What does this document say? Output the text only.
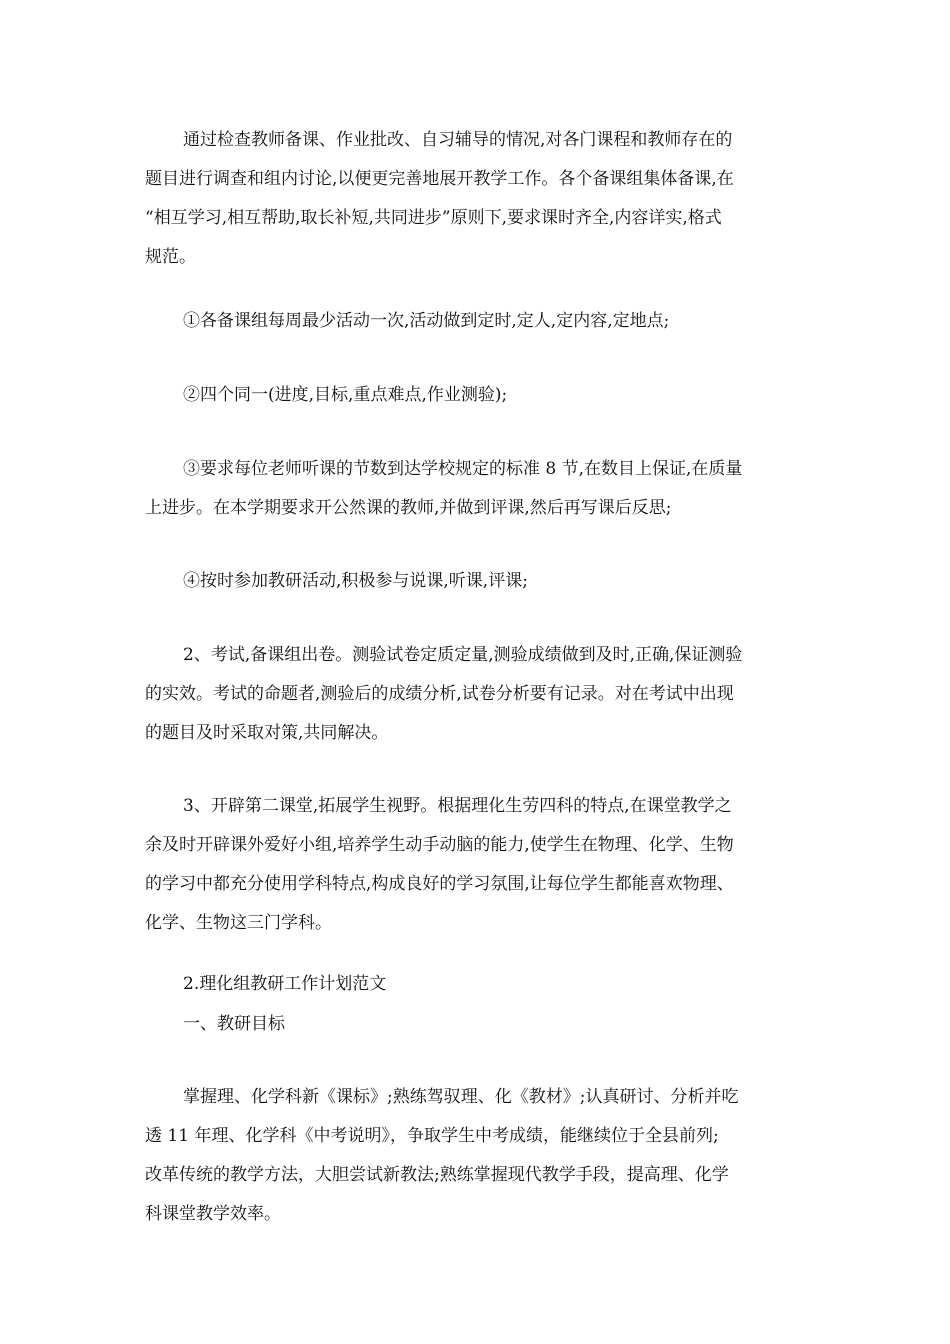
通过检查教师备课、作业批改、自习辅导的情况,对各门课程和教师存在的
题目进行调查和组内讨论,以便更完善地展开教学工作。各个备课组集体备课,在
“相互学习,相互帮助,取长补短,共同进步”原则下,要求课时齐全,内容详实,格式
规范。

①各备课组每周最少活动一次,活动做到定时,定人,定内容,定地点;

②四个同一(进度,目标,重点难点,作业测验);

③要求每位老师听课的节数到达学校规定的标准 8 节,在数目上保证,在质量
上进步。在本学期要求开公然课的教师,并做到评课,然后再写课后反思;

④按时参加教研活动,积极参与说课,听课,评课;

2、考试,备课组出卷。测验试卷定质定量,测验成绩做到及时,正确,保证测验
的实效。考试的命题者,测验后的成绩分析,试卷分析要有记录。对在考试中出现
的题目及时采取对策,共同解决。

3、开辟第二课堂,拓展学生视野。根据理化生劳四科的特点,在课堂教学之
余及时开辟课外爱好小组,培养学生动手动脑的能力,使学生在物理、化学、生物
的学习中都充分使用学科特点,构成良好的学习氛围,让每位学生都能喜欢物理、
化学、生物这三门学科。

2.理化组教研工作计划范文
一、教研目标

掌握理、化学科新《课标》;熟练驾驭理、化《教材》;认真研讨、分析并吃
透 11 年理、化学科《中考说明》，争取学生中考成绩，能继续位于全县前列;
改革传统的教学方法，大胆尝试新教法;熟练掌握现代教学手段，提高理、化学
科课堂教学效率。
